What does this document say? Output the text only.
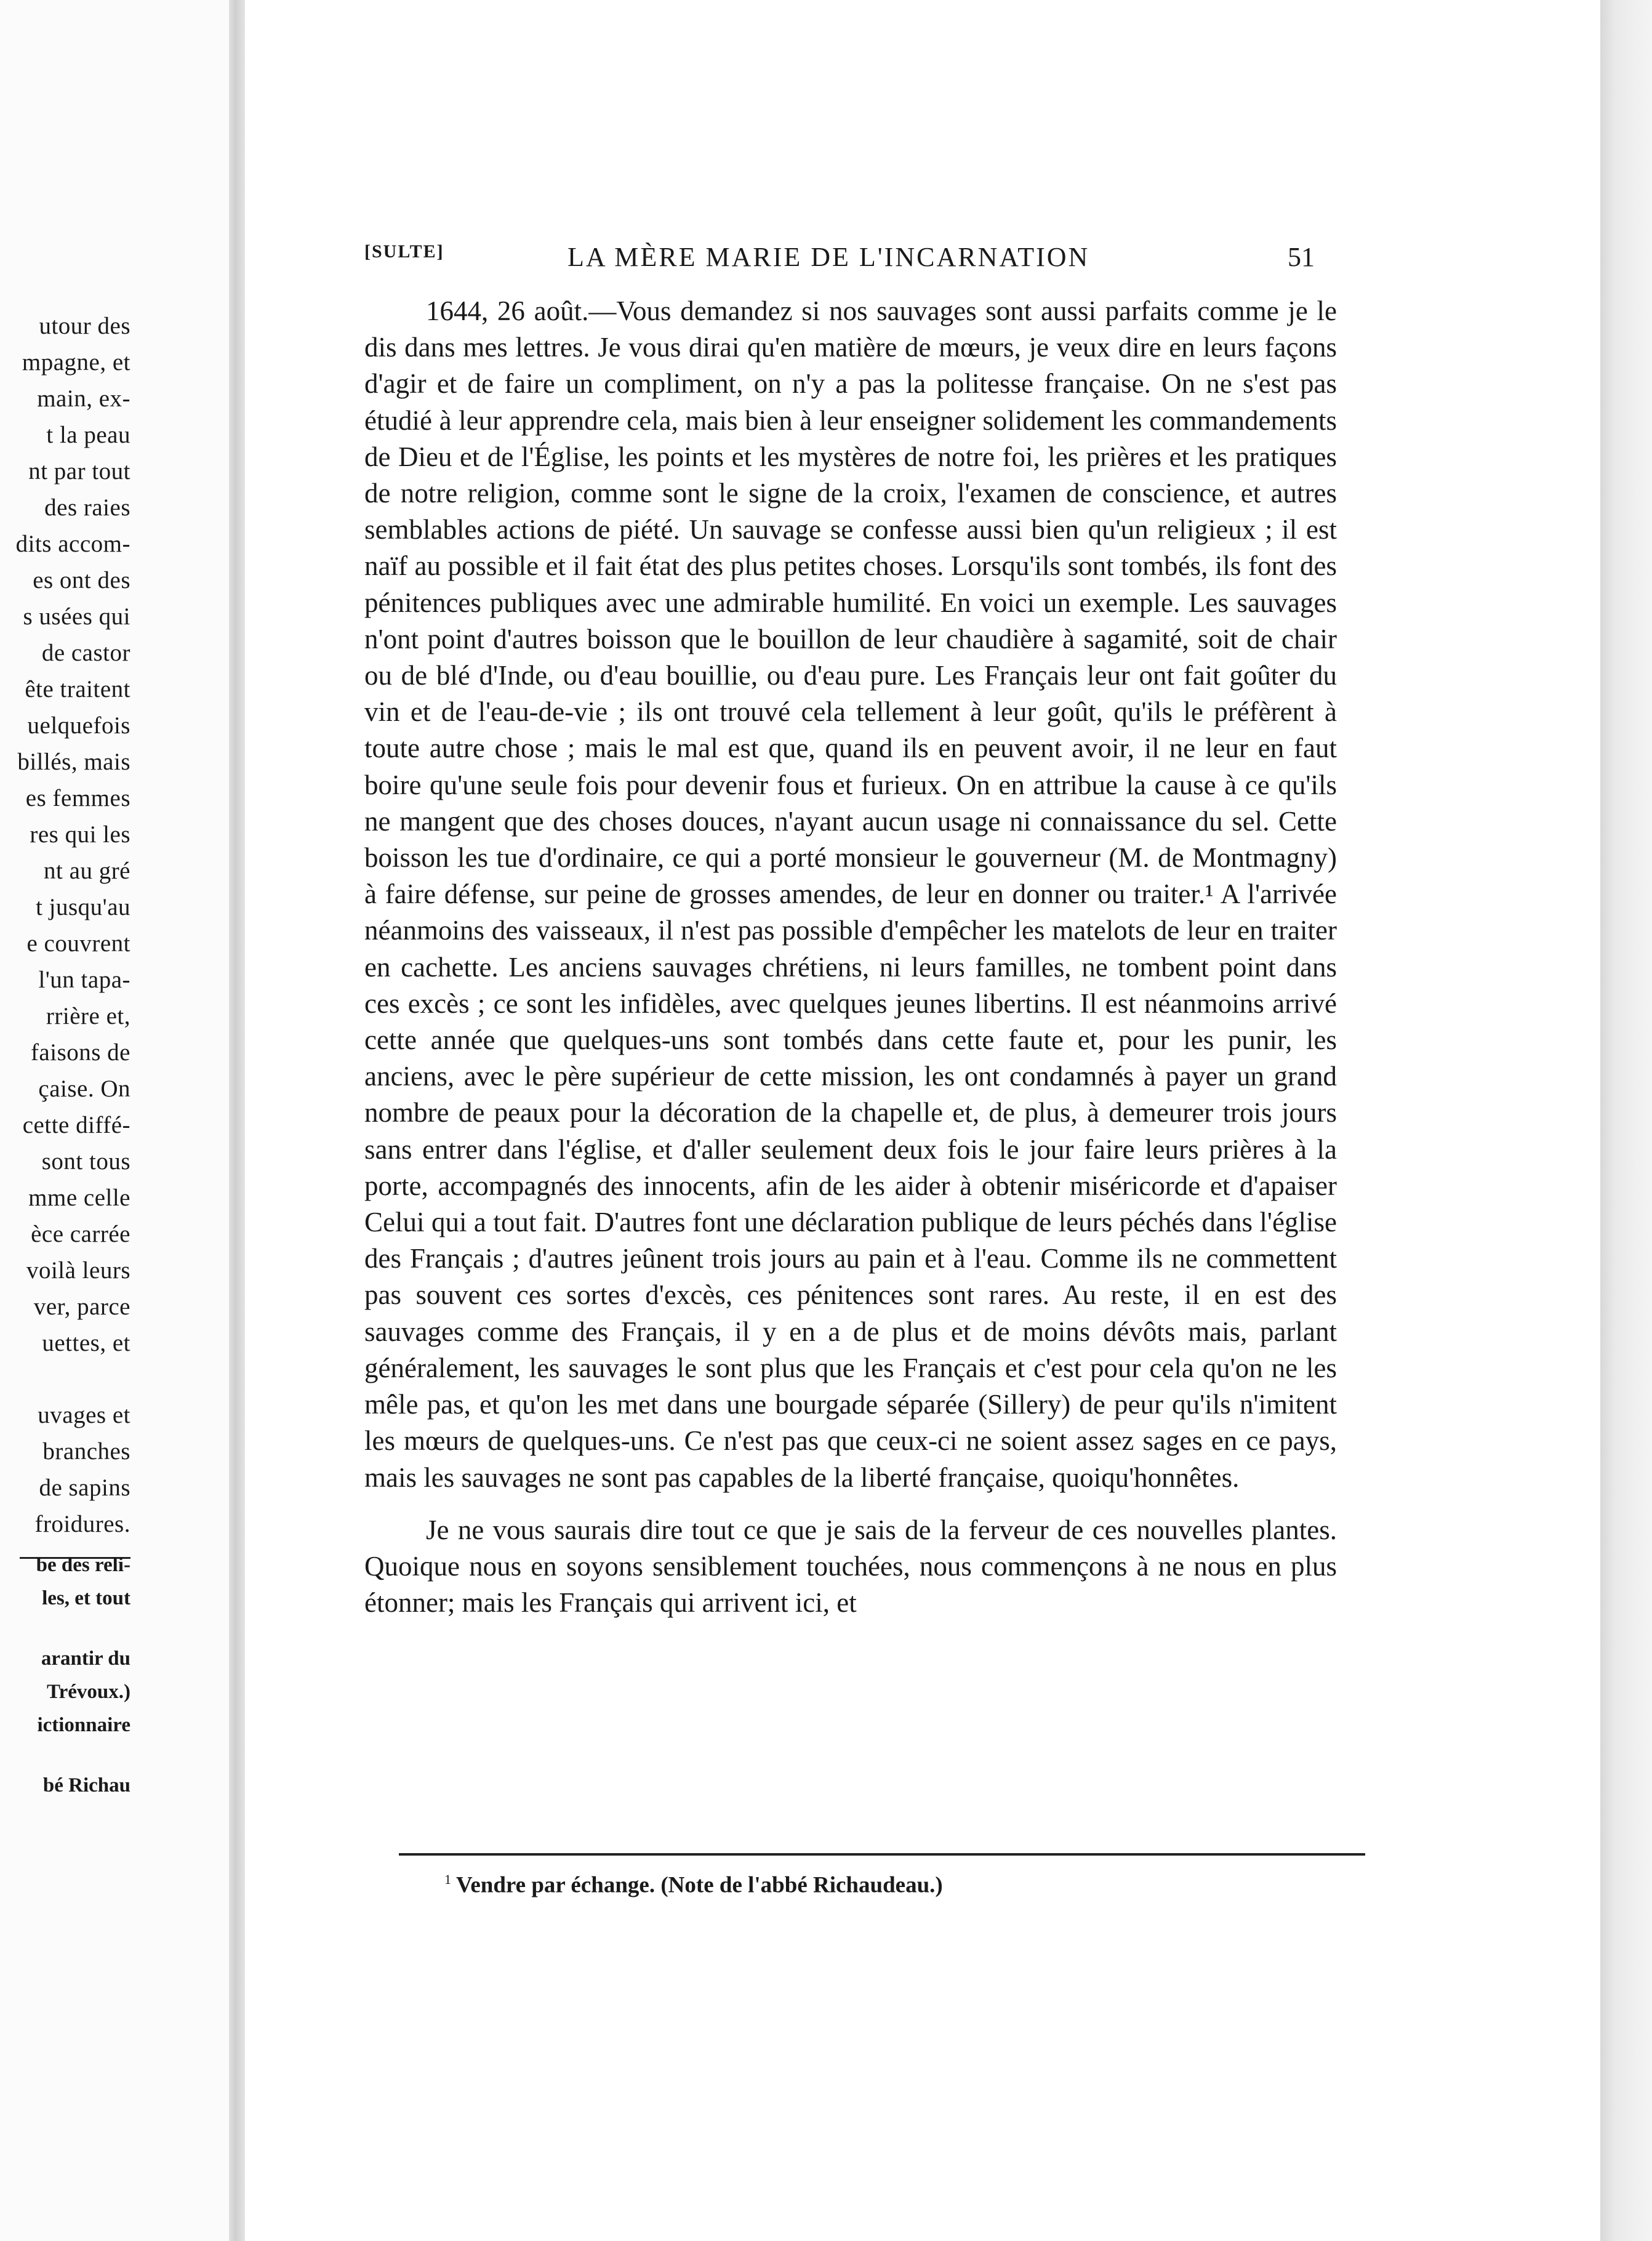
utour des
mpagne, et
main, ex-
t la peau
nt par tout
des raies
dits accom-
es ont des
s usées qui
de castor
ête traitent
uelquefois
billés, mais
es femmes
res qui les
nt au gré
t jusqu'au
e couvrent
l'un tapa-
rrière et,
faisons de
çaise. On
cette diffé-
sont tous
mme celle
èce carrée
voilà leurs
ver, parce
uettes, et
uvages et
branches
de sapins
froidures.
be des reli-
les, et tout
arantir du
Trévoux.)
ictionnaire
bé Richau
[SULTE]	LA MÈRE MARIE DE L'INCARNATION	51

1644, 26 août.—Vous demandez si nos sauvages sont aussi parfaits comme je le dis dans mes lettres. Je vous dirai qu'en matière de mœurs, je veux dire en leurs façons d'agir et de faire un compliment, on n'y a pas la politesse française. On ne s'est pas étudié à leur apprendre cela, mais bien à leur enseigner solidement les commandements de Dieu et de l'Église, les points et les mystères de notre foi, les prières et les pratiques de notre religion, comme sont le signe de la croix, l'examen de conscience, et autres semblables actions de piété. Un sauvage se confesse aussi bien qu'un religieux ; il est naïf au possible et il fait état des plus petites choses. Lorsqu'ils sont tombés, ils font des pénitences publiques avec une admirable humilité. En voici un exemple. Les sauvages n'ont point d'autres boisson que le bouillon de leur chaudière à sagamité, soit de chair ou de blé d'Inde, ou d'eau bouillie, ou d'eau pure. Les Français leur ont fait goûter du vin et de l'eau-de-vie ; ils ont trouvé cela tellement à leur goût, qu'ils le préfèrent à toute autre chose ; mais le mal est que, quand ils en peuvent avoir, il ne leur en faut boire qu'une seule fois pour devenir fous et furieux. On en attribue la cause à ce qu'ils ne mangent que des choses douces, n'ayant aucun usage ni connaissance du sel. Cette boisson les tue d'ordinaire, ce qui a porté monsieur le gouverneur (M. de Montmagny) à faire défense, sur peine de grosses amendes, de leur en donner ou traiter.¹ A l'arrivée néanmoins des vaisseaux, il n'est pas possible d'empêcher les matelots de leur en traiter en cachette. Les anciens sauvages chrétiens, ni leurs familles, ne tombent point dans ces excès ; ce sont les infidèles, avec quelques jeunes libertins. Il est néanmoins arrivé cette année que quelques-uns sont tombés dans cette faute et, pour les punir, les anciens, avec le père supérieur de cette mission, les ont condamnés à payer un grand nombre de peaux pour la décoration de la chapelle et, de plus, à demeurer trois jours sans entrer dans l'église, et d'aller seulement deux fois le jour faire leurs prières à la porte, accompagnés des innocents, afin de les aider à obtenir miséricorde et d'apaiser Celui qui a tout fait. D'autres font une déclaration publique de leurs péchés dans l'église des Français ; d'autres jeûnent trois jours au pain et à l'eau. Comme ils ne commettent pas souvent ces sortes d'excès, ces pénitences sont rares. Au reste, il en est des sauvages comme des Français, il y en a de plus et de moins dévôts mais, parlant généralement, les sauvages le sont plus que les Français et c'est pour cela qu'on ne les mêle pas, et qu'on les met dans une bourgade séparée (Sillery) de peur qu'ils n'imitent les mœurs de quelques-uns. Ce n'est pas que ceux-ci ne soient assez sages en ce pays, mais les sauvages ne sont pas capables de la liberté française, quoiqu'honnêtes.

Je ne vous saurais dire tout ce que je sais de la ferveur de ces nouvelles plantes. Quoique nous en soyons sensiblement touchées, nous commençons à ne nous en plus étonner; mais les Français qui arrivent ici, et

$^1$ Vendre par échange. (Note de l'abbé Richaudeau.)
